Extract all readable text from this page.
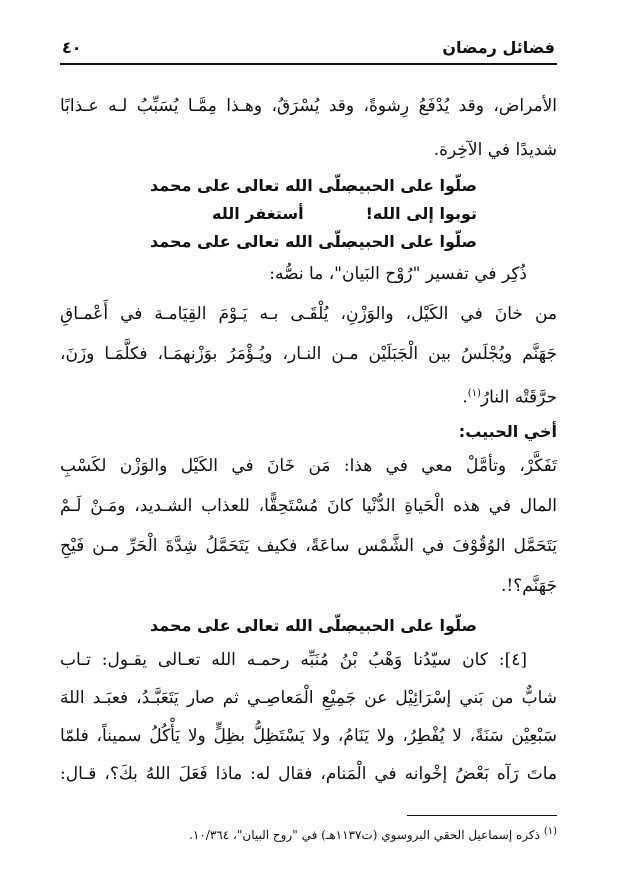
فضائل رمضان
٤٠
الأمراض، وقد يُدْفَعُ رِشوةً، وقد يُسْرَقُ، وهـذا مِمَّـا يُسَبِّبُ لـه عـذابًا
شديدًا في الآخِرة.
صلّوا على الحبيب!
صلّى الله تعالى على محمد
توبوا إلى الله!
أستغفر الله
صلّوا على الحبيب!
صلّى الله تعالى على محمد
ذُكِر في تفسير "رُوْح البَيان"، ما نصُّه:
من خانَ في الكَيْل، والوَزْنِ، يُلْقَـى بـه يَـوْمَ القِيَامـة في أَعْمـاقِ
جَهَنَّم ويُجْلَسُ بين الْجَبَلَيْن مـن النـار، ويُـؤْمَرُ بوَزْنهمَـا، فكلَّمَـا وزَنَ،
حرَّقَتْه النارُ$^{(١)}$.
أخي الحبيب:
تَفَكَّرْ، وتأمَّلْ معي في هذا: مَن خَانَ في الكَيْل والوَزْن لكَسْبِ
المال في هذه الْحَياةِ الدُّنْيا كانَ مُسْتَحِقًّا، للعذاب الشـديد، ومَـنْ لَـمْ
يَتَحَمَّل الوُقُوْفَ في الشَّمْس ساعَةً، فكيف يَتَحَمَّلُ شِدَّةَ الْحَرِّ مـن فَيْحِ
جَهَنَّم؟!.
صلّوا على الحبيب!
صلّى الله تعالى على محمد
[٤]: كان سيّدُنا وَهْبُ بْنُ مُنَبِّه رحمـه الله تعـالى يقـول: تـاب
شابٌّ من بَني إسْرَائِيْل عن جَمِيْعِ الْمَعاصِـي ثم صار يَتَعَبَّـدُ، فعبَـد اللهَ
سَبْعِيْن سَنَةً، لا يُفْطِرُ، ولا يَنَامُ، ولا يَسْتَظِلُّ بظِلٍّ ولا يَأْكُلُ سميناً، فلمّا
ماتَ رَآه بَعْضُ إخْوانه في الْمَنام، فقال له: ماذا فَعَلَ اللهُ بكَ؟، قـال:
$^{(١)}$ ذكره إسماعيل الحقي البروسوي (ت١١٣٧هـ) في "روح البيان"، ١٠/٣٦٤.
